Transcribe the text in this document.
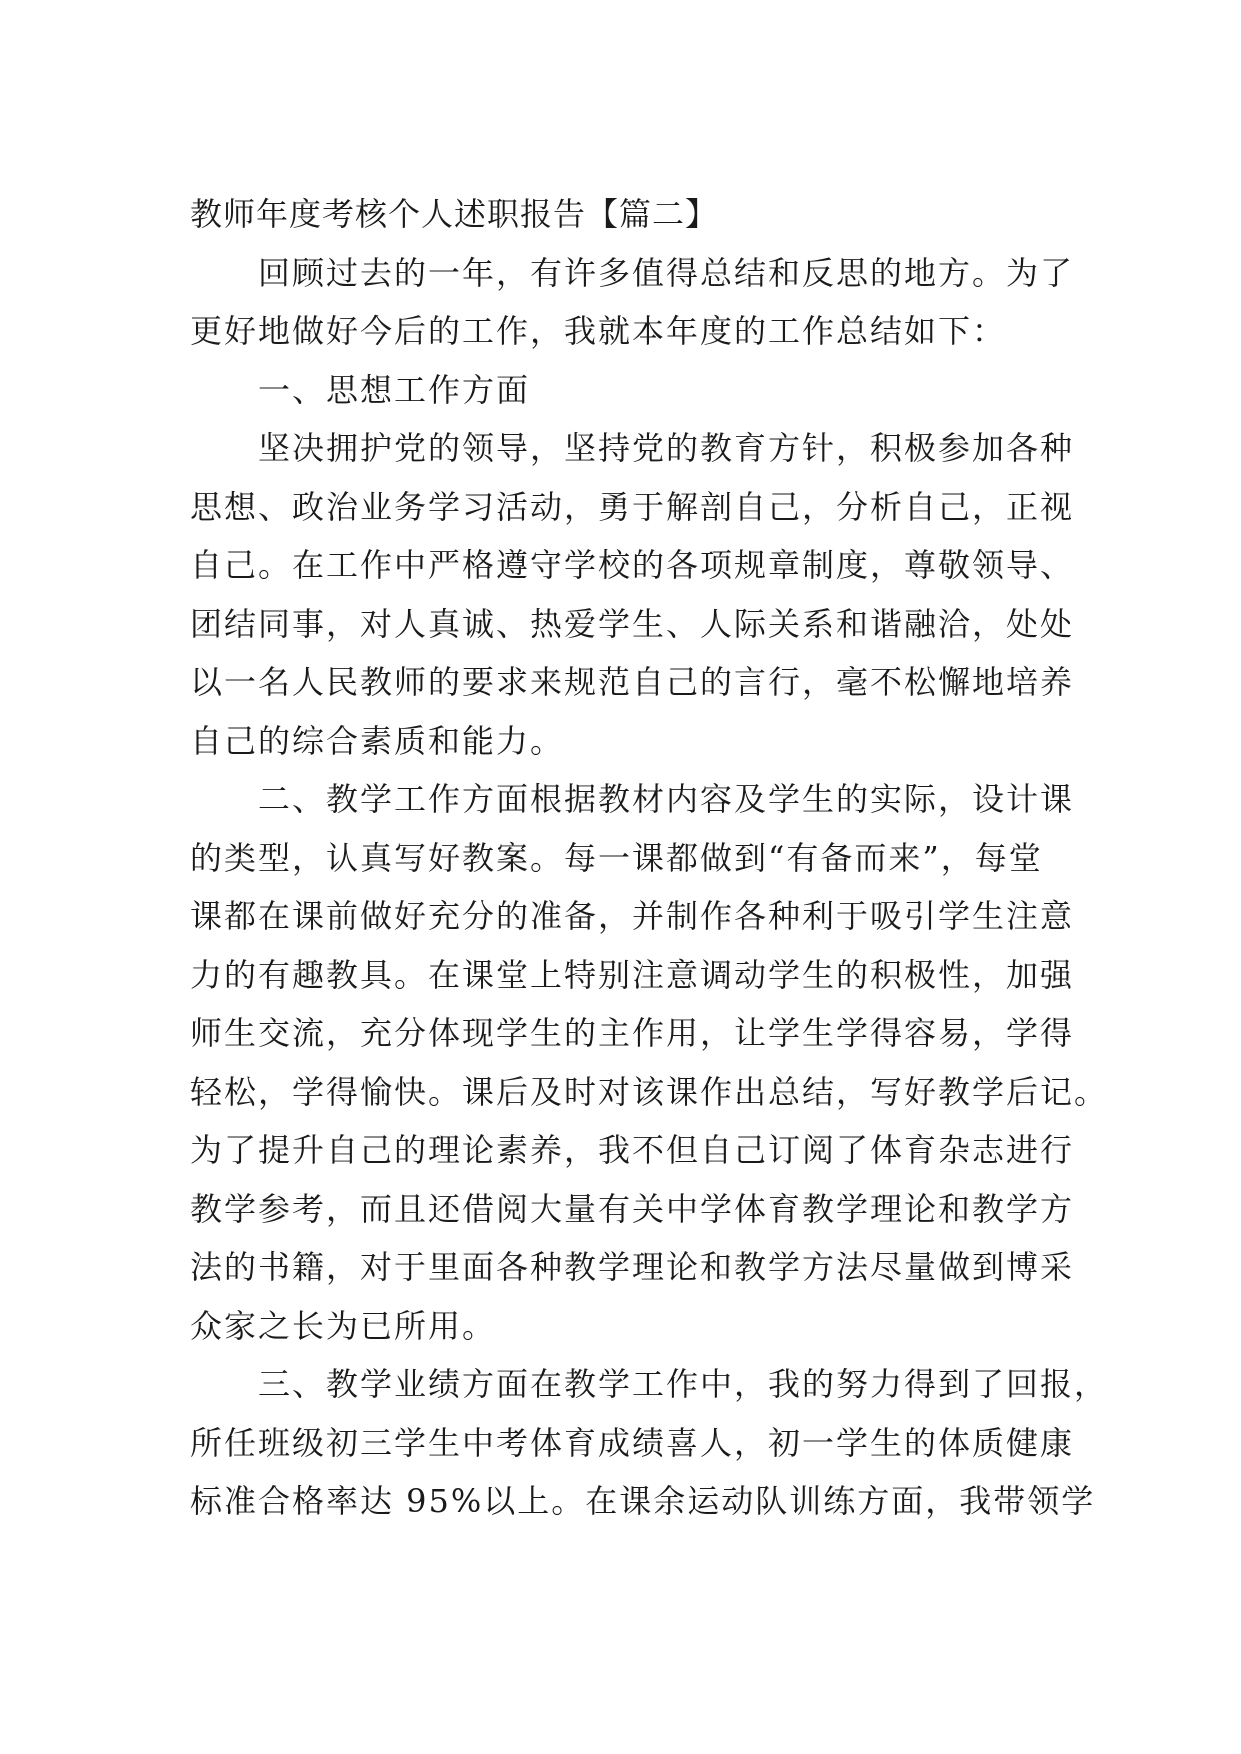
教师年度考核个人述职报告【篇二】
回顾过去的一年，有许多值得总结和反思的地方。为了
更好地做好今后的工作，我就本年度的工作总结如下：
一、思想工作方面
坚决拥护党的领导，坚持党的教育方针，积极参加各种
思想、政治业务学习活动，勇于解剖自己，分析自己，正视
自己。在工作中严格遵守学校的各项规章制度，尊敬领导、
团结同事，对人真诚、热爱学生、人际关系和谐融洽，处处
以一名人民教师的要求来规范自己的言行，毫不松懈地培养
自己的综合素质和能力。
二、教学工作方面根据教材内容及学生的实际，设计课
的类型，认真写好教案。每一课都做到“有备而来”，每堂
课都在课前做好充分的准备，并制作各种利于吸引学生注意
力的有趣教具。在课堂上特别注意调动学生的积极性，加强
师生交流，充分体现学生的主作用，让学生学得容易，学得
轻松，学得愉快。课后及时对该课作出总结，写好教学后记。
为了提升自己的理论素养，我不但自己订阅了体育杂志进行
教学参考，而且还借阅大量有关中学体育教学理论和教学方
法的书籍，对于里面各种教学理论和教学方法尽量做到博采
众家之长为已所用。
三、教学业绩方面在教学工作中，我的努力得到了回报，
所任班级初三学生中考体育成绩喜人，初一学生的体质健康
标准合格率达 95%以上。在课余运动队训练方面，我带领学
